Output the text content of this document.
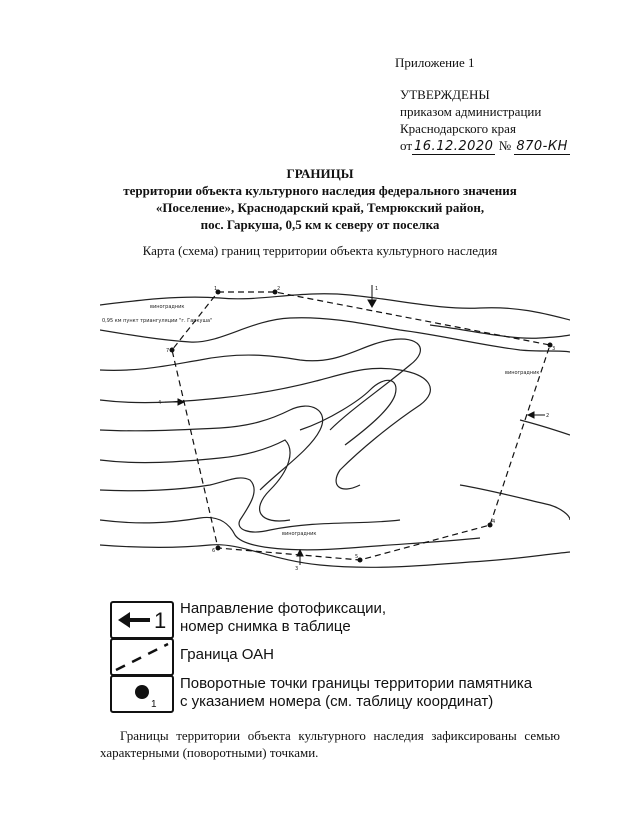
Приложение 1
УТВЕРЖДЕНЫ
приказом администрации
Краснодарского края
от 16.12.2020 № 870-КН
ГРАНИЦЫ
территории объекта культурного наследия федерального значения
«Поселение», Краснодарский край, Темрюкский район,
пос. Гаркуша, 0,5 км к северу от поселка
Карта (схема) границ территории объекта культурного наследия
виноградник
виноградник
виноградник
0,95 км пункт триангуляции "г. Гаркуша"
4
2
1
3
1	2
3
4
5
6
7
1 Направление фотофиксации,
номер снимка в таблице
Граница ОАН
1
Поворотные точки границы территории памятника
с указанием номера (см. таблицу координат)
Границы территории объекта культурного наследия зафиксированы семью характерными (поворотными) точками.
